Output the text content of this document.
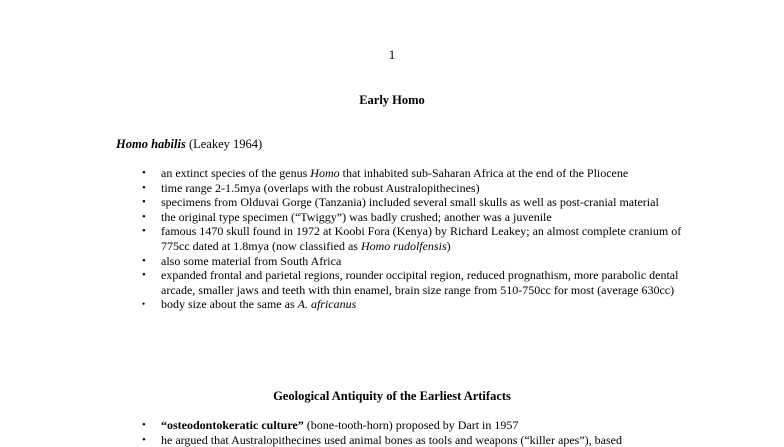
1
Early Homo
Homo habilis (Leakey 1964)
• an extinct species of the genus Homo that inhabited sub-Saharan Africa at the end of the Pliocene
• time range 2-1.5mya (overlaps with the robust Australopithecines)
• specimens from Olduvai Gorge (Tanzania) included several small skulls as well as post-cranial material
• the original type specimen (“Twiggy”) was badly crushed; another was a juvenile
• famous 1470 skull found in 1972 at Koobi Fora (Kenya) by Richard Leakey; an almost complete cranium of 775cc dated at 1.8mya (now classified as Homo rudolfensis)
• also some material from South Africa
• expanded frontal and parietal regions, rounder occipital region, reduced prognathism, more parabolic dental arcade, smaller jaws and teeth with thin enamel, brain size range from 510-750cc for most (average 630cc)
• body size about the same as A. africanus
Geological Antiquity of the Earliest Artifacts
• “osteodontokeratic culture” (bone-tooth-horn) proposed by Dart in 1957
• he argued that Australopithecines used animal bones as tools and weapons (“killer apes”), based
